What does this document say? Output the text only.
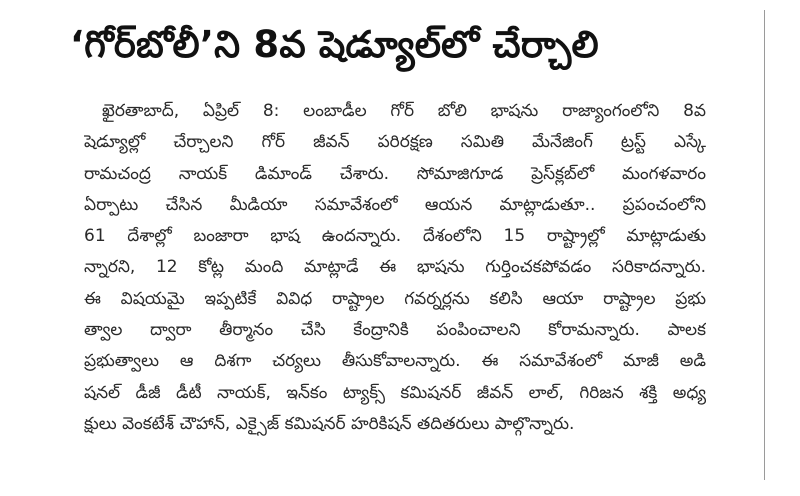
‘గోర్‌బోలీ’ని 8వ షెడ్యూల్‌లో చేర్చాలి
ఖైరతాబాద్, ఏప్రిల్ 8: లంబాడీల గోర్ బోలి భాషను రాజ్యాంగంలోని 8వ
షెడ్యూల్లో చేర్చాలని గోర్ జీవన్ పరిరక్షణ సమితి మేనేజింగ్ ట్రస్ట్ ఎస్కే
రామచంద్ర నాయక్ డిమాండ్ చేశారు. సోమాజిగూడ ప్రెస్‌క్లబ్‌లో మంగళవారం
ఏర్పాటు చేసిన మీడియా సమావేశంలో ఆయన మాట్లాడుతూ.. ప్రపంచంలోని
61 దేశాల్లో బంజారా భాష ఉందన్నారు. దేశంలోని 15 రాష్ట్రాల్లో మాట్లాడుతు
న్నారని, 12 కోట్ల మంది మాట్లాడే ఈ భాషను గుర్తించకపోవడం సరికాదన్నారు.
ఈ విషయమై ఇప్పటికే వివిధ రాష్ట్రాల గవర్నర్లను కలిసి ఆయా రాష్ట్రాల ప్రభు
త్వాల ద్వారా తీర్మానం చేసి కేంద్రానికి పంపించాలని కోరామన్నారు. పాలక
ప్రభుత్వాలు ఆ దిశగా చర్యలు తీసుకోవాలన్నారు. ఈ సమావేశంలో మాజీ అడి
షనల్ డీజీ డీటీ నాయక్, ఇన్‌కం ట్యాక్స్ కమిషనర్ జీవన్ లాల్, గిరిజన శక్తి అధ్య
క్షులు వెంకటేశ్ చౌహాన్, ఎక్సైజ్ కమిషనర్ హరికిషన్ తదితరులు పాల్గొన్నారు.
